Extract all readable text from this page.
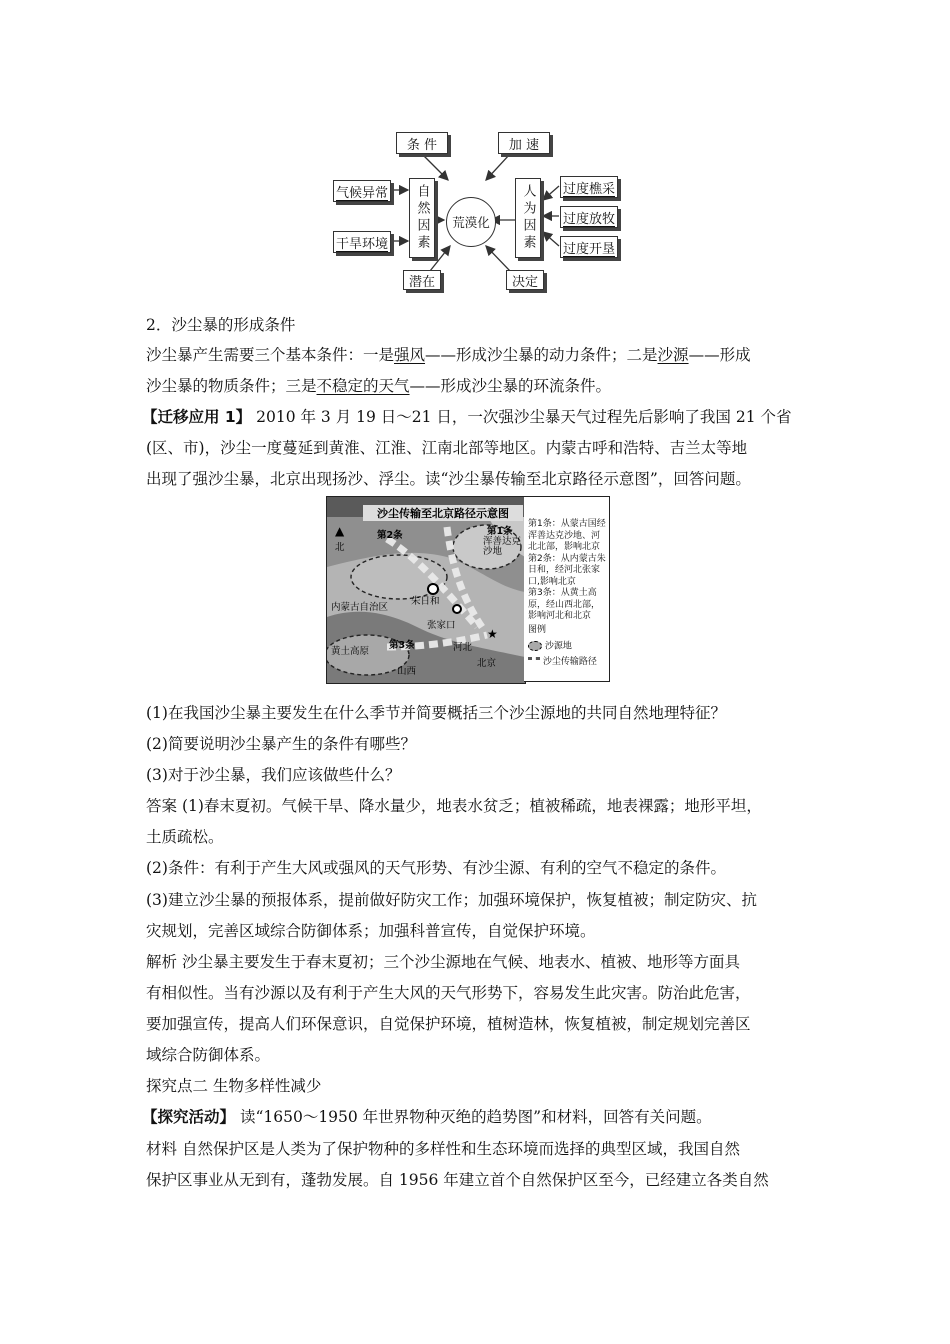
条 件	加 速
气候异常
干旱环境 自然因素 荒漠化 人为因素 过度樵采
过度放牧
过度开垦
潜在	决定
2．沙尘暴的形成条件
沙尘暴产生需要三个基本条件：一是强风——形成沙尘暴的动力条件；二是沙源——形成
沙尘暴的物质条件；三是不稳定的天气——形成沙尘暴的环流条件。
【迁移应用 1】 2010 年 3 月 19 日～21 日，一次强沙尘暴天气过程先后影响了我国 21 个省
(区、市)，沙尘一度蔓延到黄淮、江淮、江南北部等地区。内蒙古呼和浩特、吉兰太等地
出现了强沙尘暴，北京出现扬沙、浮尘。读“沙尘暴传输至北京路径示意图”，回答问题。
★
▲
沙尘传输至北京路径示意图
北
第2条	第1条
浑善达克沙地
朱日和
内蒙古自治区
张家口
第3条	河北
黄土高原
山西
北京
第1条：从蒙古国经
浑善达克沙地、河
北北部，影响北京
第2条：从内蒙古朱
日和，经河北张家
口,影响北京
第3条：从黄土高
原，经山西北部，
影响河北和北京
图例
沙源地
沙尘传输路径
(1)在我国沙尘暴主要发生在什么季节并简要概括三个沙尘源地的共同自然地理特征？
(2)简要说明沙尘暴产生的条件有哪些？
(3)对于沙尘暴，我们应该做些什么？
答案 (1)春末夏初。气候干旱、降水量少，地表水贫乏；植被稀疏，地表裸露；地形平坦，
土质疏松。
(2)条件：有利于产生大风或强风的天气形势、有沙尘源、有利的空气不稳定的条件。
(3)建立沙尘暴的预报体系，提前做好防灾工作；加强环境保护，恢复植被；制定防灾、抗
灾规划，完善区域综合防御体系；加强科普宣传，自觉保护环境。
解析 沙尘暴主要发生于春末夏初；三个沙尘源地在气候、地表水、植被、地形等方面具
有相似性。当有沙源以及有利于产生大风的天气形势下，容易发生此灾害。防治此危害，
要加强宣传，提高人们环保意识，自觉保护环境，植树造林，恢复植被，制定规划完善区
域综合防御体系。
探究点二 生物多样性减少
【探究活动】 读“1650～1950 年世界物种灭绝的趋势图”和材料，回答有关问题。
材料 自然保护区是人类为了保护物种的多样性和生态环境而选择的典型区域，我国自然
保护区事业从无到有，蓬勃发展。自 1956 年建立首个自然保护区至今，已经建立各类自然
